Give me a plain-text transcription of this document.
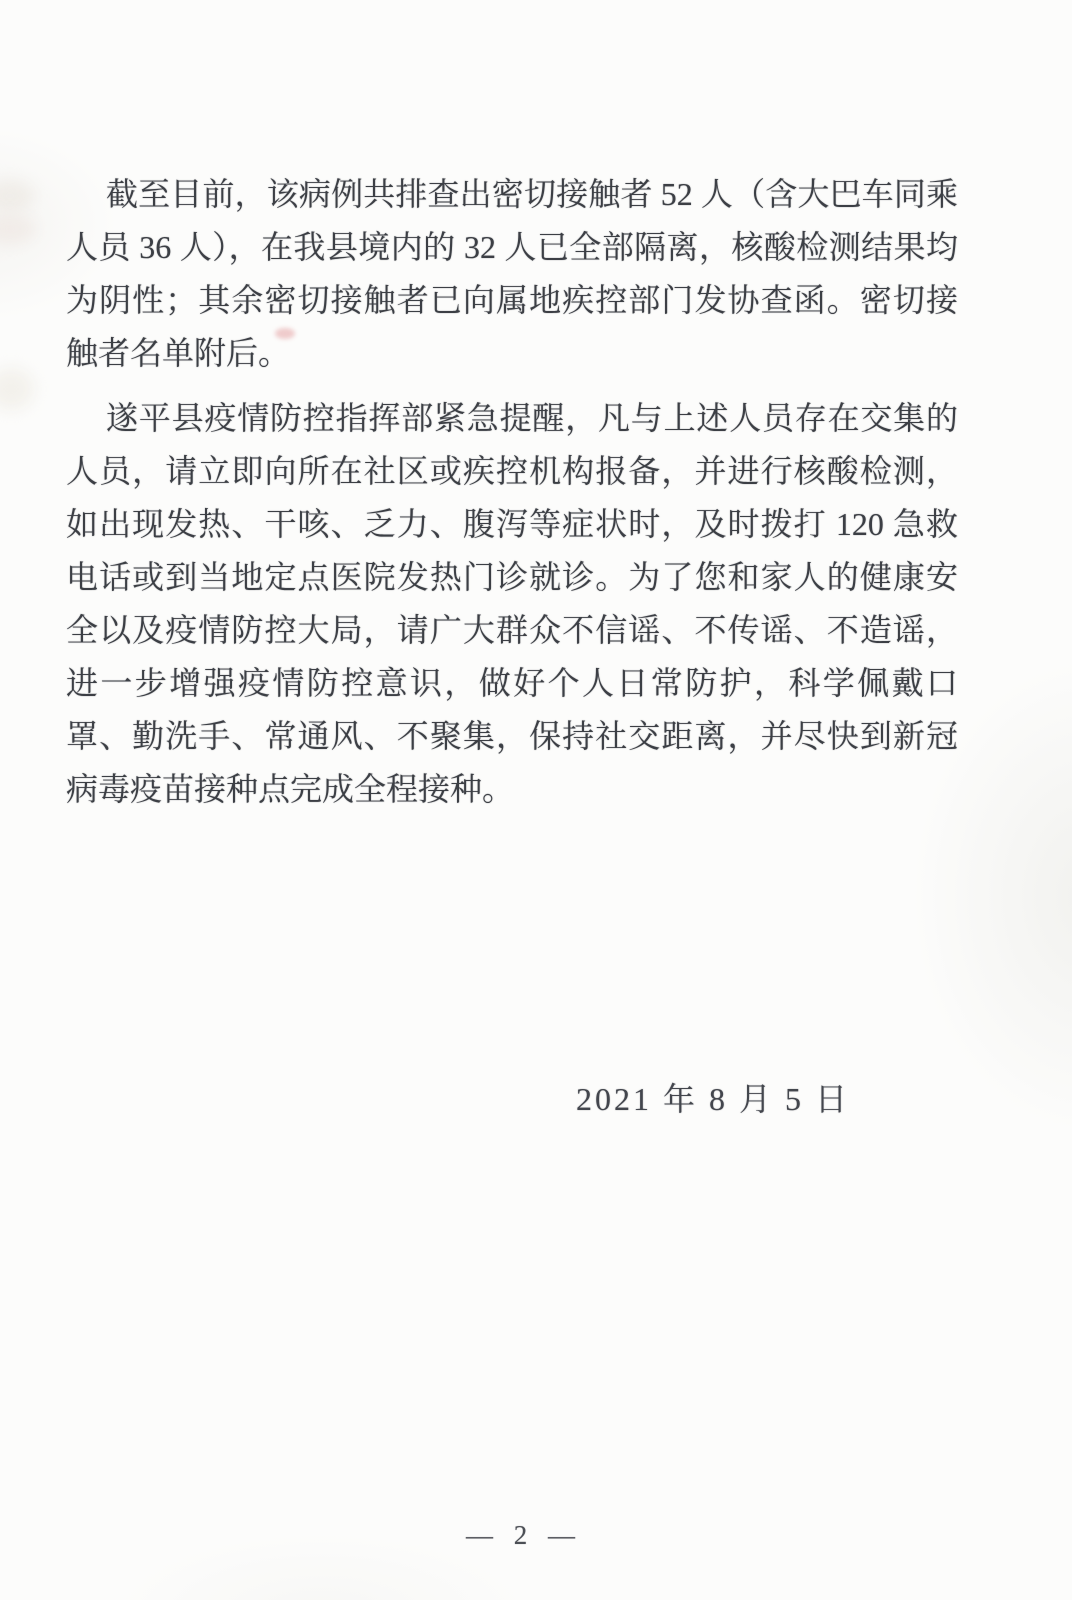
截至目前，该病例共排查出密切接触者 52 人（含大巴车同乘人员 36 人），在我县境内的 32 人已全部隔离，核酸检测结果均为阴性；其余密切接触者已向属地疾控部门发协查函。密切接触者名单附后。

遂平县疫情防控指挥部紧急提醒，凡与上述人员存在交集的人员，请立即向所在社区或疾控机构报备，并进行核酸检测，如出现发热、干咳、乏力、腹泻等症状时，及时拨打 120 急救电话或到当地定点医院发热门诊就诊。为了您和家人的健康安全以及疫情防控大局，请广大群众不信谣、不传谣、不造谣，进一步增强疫情防控意识，做好个人日常防护，科学佩戴口罩、勤洗手、常通风、不聚集，保持社交距离，并尽快到新冠病毒疫苗接种点完成全程接种。

2021 年 8 月 5 日
— 2 —
